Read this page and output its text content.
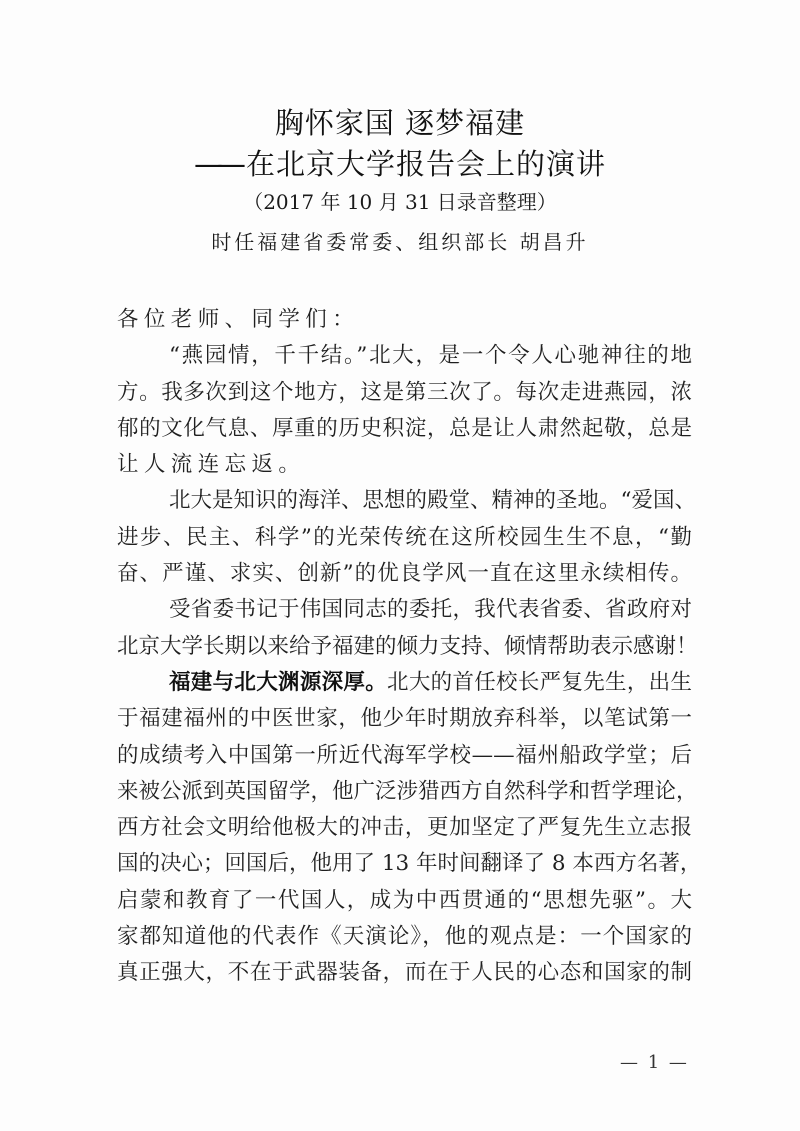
胸怀家国 逐梦福建
—— 在北京大学报告会上的演讲
（2017 年 10 月 31 日录音整理）
时任福建省委常委、组织部长 胡昌升
各位老师、同学们：
“燕园情，千千结。”北大，是一个令人心驰神往的地
方。我多次到这个地方，这是第三次了。每次走进燕园，浓
郁的文化气息、厚重的历史积淀，总是让人肃然起敬，总是
让人流连忘返。
北大是知识的海洋、思想的殿堂、精神的圣地。“爱国、
进步、民主、科学”的光荣传统在这所校园生生不息，“勤
奋、严谨、求实、创新”的优良学风一直在这里永续相传。
受省委书记于伟国同志的委托，我代表省委、省政府对
北京大学长期以来给予福建的倾力支持、倾情帮助表示感谢！
福建与北大渊源深厚。北大的首任校长严复先生，出生
于福建福州的中医世家，他少年时期放弃科举，以笔试第一
的成绩考入中国第一所近代海军学校——福州船政学堂；后
来被公派到英国留学，他广泛涉猎西方自然科学和哲学理论，
西方社会文明给他极大的冲击，更加坚定了严复先生立志报
国的决心；回国后，他用了 13 年时间翻译了 8 本西方名著，
启蒙和教育了一代国人，成为中西贯通的“思想先驱”。大
家都知道他的代表作《天演论》，他的观点是：一个国家的
真正强大，不在于武器装备，而在于人民的心态和国家的制
— 1 —
